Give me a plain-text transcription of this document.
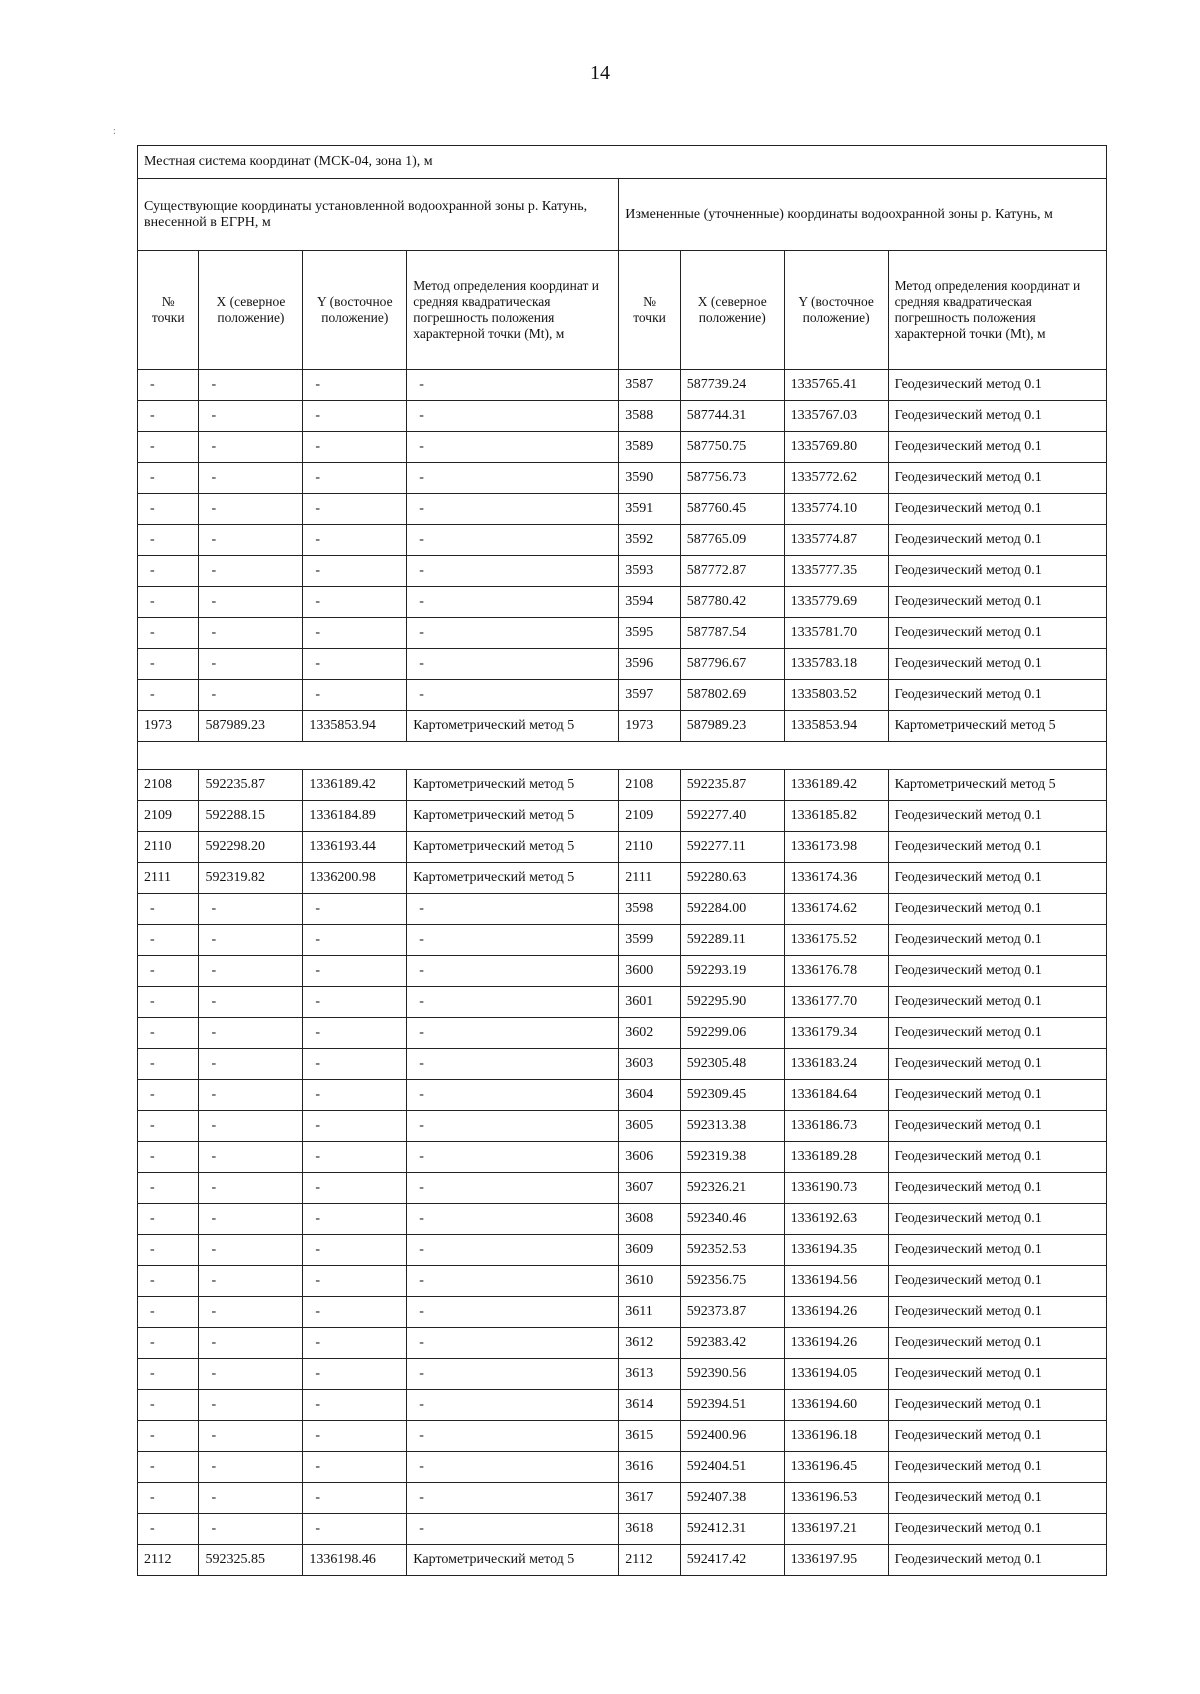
14
:
Местная система координат (МСК-04, зона 1), м							
Существующие координаты установленной водоохранной зоны р. Катунь, внесенной в ЕГРН, м				Измененные (уточненные) координаты водоохранной зоны р. Катунь, м			
№ точки	X (северное положение)	Y (восточное положение)	Метод определения координат и средняя квадратическая погрешность положения характерной точки (Mt), м	№ точки	X (северное положение)	Y (восточное положение)	Метод определения координат и средняя квадратическая погрешность положения характерной точки (Mt), м
-	-	-	-	3587	587739.24	1335765.41	Геодезический метод 0.1
-	-	-	-	3588	587744.31	1335767.03	Геодезический метод 0.1
-	-	-	-	3589	587750.75	1335769.80	Геодезический метод 0.1
-	-	-	-	3590	587756.73	1335772.62	Геодезический метод 0.1
-	-	-	-	3591	587760.45	1335774.10	Геодезический метод 0.1
-	-	-	-	3592	587765.09	1335774.87	Геодезический метод 0.1
-	-	-	-	3593	587772.87	1335777.35	Геодезический метод 0.1
-	-	-	-	3594	587780.42	1335779.69	Геодезический метод 0.1
-	-	-	-	3595	587787.54	1335781.70	Геодезический метод 0.1
-	-	-	-	3596	587796.67	1335783.18	Геодезический метод 0.1
-	-	-	-	3597	587802.69	1335803.52	Геодезический метод 0.1
1973	587989.23	1335853.94	Картометрический метод 5	1973	587989.23	1335853.94	Картометрический метод 5

2108	592235.87	1336189.42	Картометрический метод 5	2108	592235.87	1336189.42	Картометрический метод 5
2109	592288.15	1336184.89	Картометрический метод 5	2109	592277.40	1336185.82	Геодезический метод 0.1
2110	592298.20	1336193.44	Картометрический метод 5	2110	592277.11	1336173.98	Геодезический метод 0.1
2111	592319.82	1336200.98	Картометрический метод 5	2111	592280.63	1336174.36	Геодезический метод 0.1
-	-	-	-	3598	592284.00	1336174.62	Геодезический метод 0.1
-	-	-	-	3599	592289.11	1336175.52	Геодезический метод 0.1
-	-	-	-	3600	592293.19	1336176.78	Геодезический метод 0.1
-	-	-	-	3601	592295.90	1336177.70	Геодезический метод 0.1
-	-	-	-	3602	592299.06	1336179.34	Геодезический метод 0.1
-	-	-	-	3603	592305.48	1336183.24	Геодезический метод 0.1
-	-	-	-	3604	592309.45	1336184.64	Геодезический метод 0.1
-	-	-	-	3605	592313.38	1336186.73	Геодезический метод 0.1
-	-	-	-	3606	592319.38	1336189.28	Геодезический метод 0.1
-	-	-	-	3607	592326.21	1336190.73	Геодезический метод 0.1
-	-	-	-	3608	592340.46	1336192.63	Геодезический метод 0.1
-	-	-	-	3609	592352.53	1336194.35	Геодезический метод 0.1
-	-	-	-	3610	592356.75	1336194.56	Геодезический метод 0.1
-	-	-	-	3611	592373.87	1336194.26	Геодезический метод 0.1
-	-	-	-	3612	592383.42	1336194.26	Геодезический метод 0.1
-	-	-	-	3613	592390.56	1336194.05	Геодезический метод 0.1
-	-	-	-	3614	592394.51	1336194.60	Геодезический метод 0.1
-	-	-	-	3615	592400.96	1336196.18	Геодезический метод 0.1
-	-	-	-	3616	592404.51	1336196.45	Геодезический метод 0.1
-	-	-	-	3617	592407.38	1336196.53	Геодезический метод 0.1
-	-	-	-	3618	592412.31	1336197.21	Геодезический метод 0.1
2112	592325.85	1336198.46	Картометрический метод 5	2112	592417.42	1336197.95	Геодезический метод 0.1
